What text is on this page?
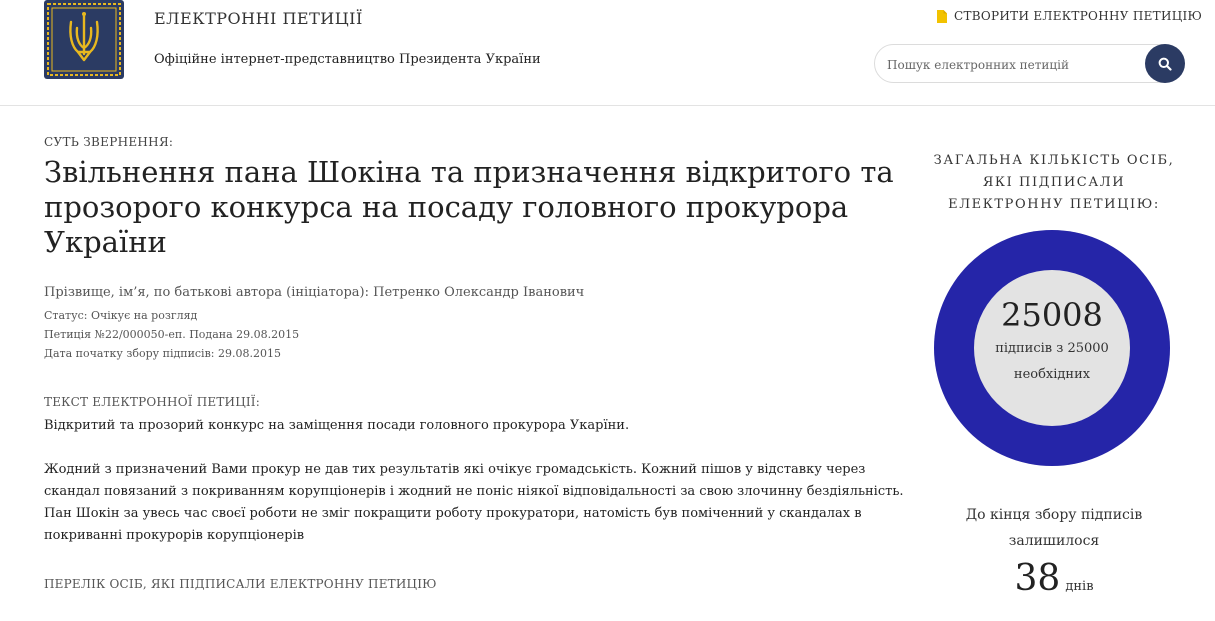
ЕЛЕКТРОННІ ПЕТИЦІЇ
Офіційне інтернет-представництво Президента України
СТВОРИТИ ЕЛЕКТРОННУ ПЕТИЦІЮ
Пошук електронних петицій
СУТЬ ЗВЕРНЕННЯ:
Звільнення пана Шокіна та призначення відкритого та прозорого конкурса на посаду головного прокурора України
Прізвище, ім’я, по батькові автора (ініціатора): Петренко Олександр Іванович
Статус: Очікує на розгляд
Петиція №22/000050-еп. Подана 29.08.2015
Дата початку збору підписів: 29.08.2015
ТЕКСТ ЕЛЕКТРОННОЇ ПЕТИЦІЇ:

Відкритий та прозорий конкурс на заміщення посади головного прокурора Укарїни.

Жодний з призначений Вами прокур не дав тих результатів які очікує громадськість. Кожний пішов у відставку через скандал повязаний з покриванням корупціонерів і жодний не поніс ніякої відповідальності за свою злочинну бездіяльність.

Пан Шокін за увесь час своєї роботи не зміг покращити роботу прокуратори, натомість був поміченний у скандалах в покриванні прокурорів корупціонерів

ПЕРЕЛІК ОСІБ, ЯКІ ПІДПИСАЛИ ЕЛЕКТРОННУ ПЕТИЦІЮ
ЗАГАЛЬНА КІЛЬКІСТЬ ОСІБ, ЯКІ ПІДПИСАЛИ ЕЛЕКТРОННУ ПЕТИЦІЮ:
25008
підписів з 25000 необхідних
До кінця збору підписів залишилося
38 днів
